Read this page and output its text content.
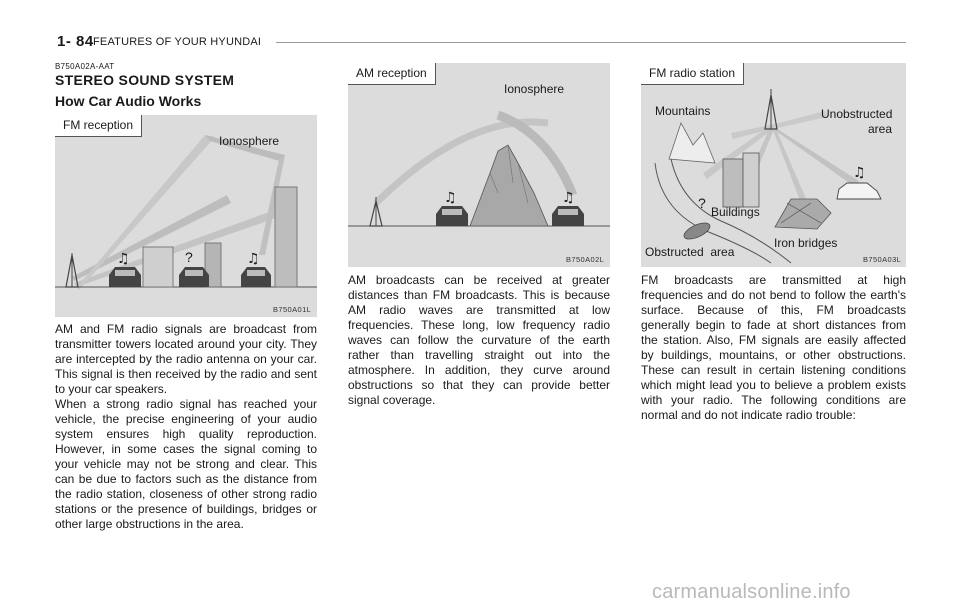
1- 84 FEATURES OF YOUR HYUNDAI
B750A02A-AAT
STEREO SOUND SYSTEM
How Car Audio Works
♫	♫
FM reception
Ionosphere
?
B750A01L
♫	♫
AM reception
Ionosphere
B750A02L
♫
FM radio station
Mountains	Unobstructed
area
Buildings
?
Iron bridges
Obstructed  area
B750A03L

AM and FM radio signals are broadcast from transmitter towers located around your city. They are intercepted by the radio antenna on your car. This signal is then received by the radio and sent to your car speakers.

When a strong radio signal has reached your vehicle, the precise engineering of your audio system ensures high quality reproduction. However, in some cases the signal coming to your vehicle may not be strong and clear. This can be due to factors such as the distance from the radio station, closeness of other strong radio stations or the presence of buildings, bridges or other large obstructions in the area.

AM broadcasts can be received at greater distances than FM broadcasts. This is because AM radio waves are transmitted at low frequencies. These long, low frequency radio waves can follow the curvature of the earth rather than travelling straight out into the atmosphere. In addition, they curve around obstructions so that they can provide better signal coverage.

FM broadcasts are transmitted at high frequencies and do not bend to follow the earth's surface. Because of this, FM broadcasts generally begin to fade at short distances from the station. Also, FM signals are easily affected by buildings, mountains, or other obstructions. These can result in certain listening conditions which might lead you to believe a problem exists with your radio. The following conditions are normal and do not indicate radio trouble:

carmanualsonline.info
